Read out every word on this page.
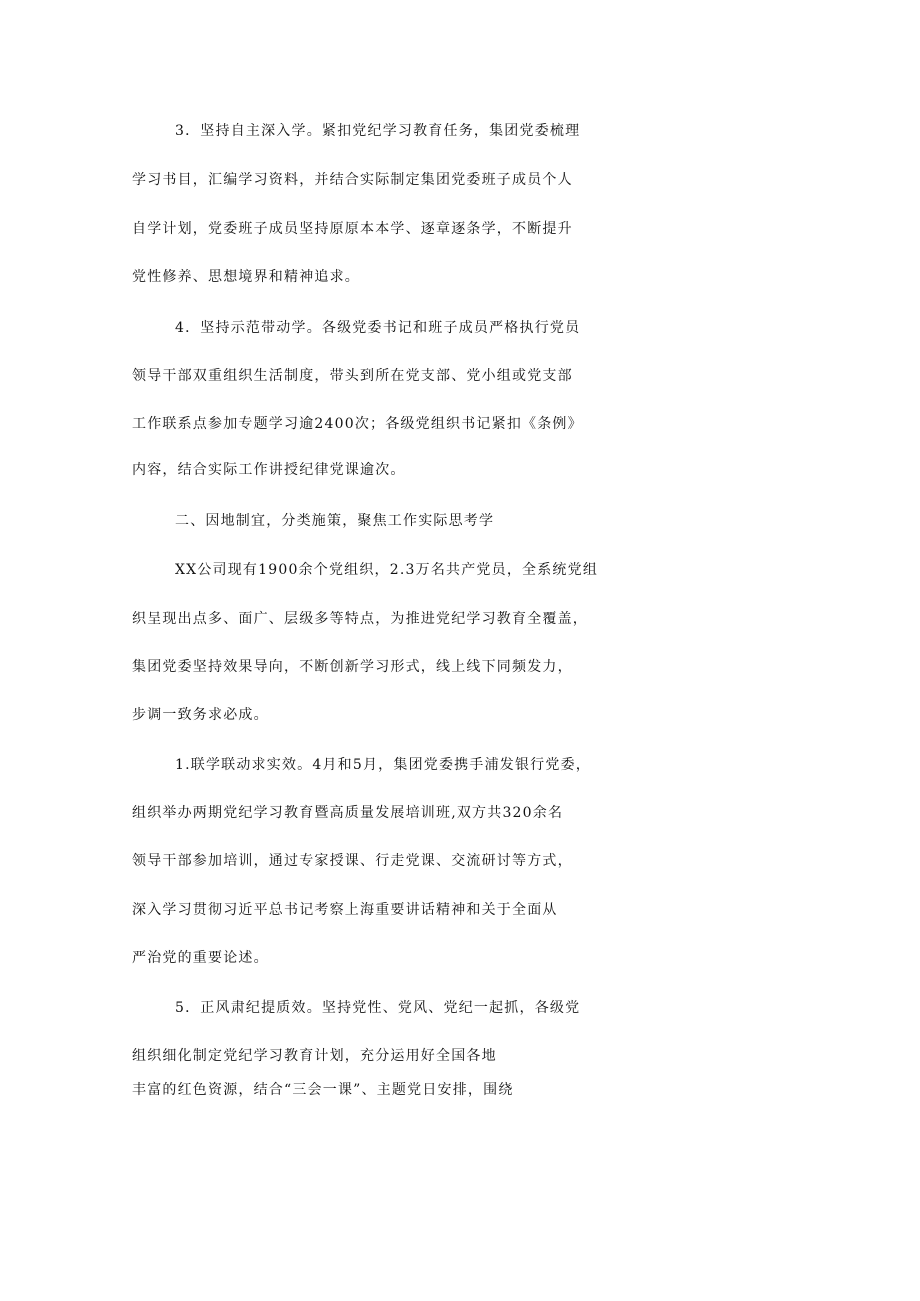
3．坚持自主深入学。紧扣党纪学习教育任务，集团党委梳理
学习书目，汇编学习资料，并结合实际制定集团党委班子成员个人
自学计划，党委班子成员坚持原原本本学、逐章逐条学，不断提升
党性修养、思想境界和精神追求。
4．坚持示范带动学。各级党委书记和班子成员严格执行党员
领导干部双重组织生活制度，带头到所在党支部、党小组或党支部
工作联系点参加专题学习逾2400次；各级党组织书记紧扣《条例》
内容，结合实际工作讲授纪律党课逾次。
二、因地制宜，分类施策，聚焦工作实际思考学
XX公司现有1900余个党组织，2.3万名共产党员，全系统党组
织呈现出点多、面广、层级多等特点，为推进党纪学习教育全覆盖，
集团党委坚持效果导向，不断创新学习形式，线上线下同频发力，
步调一致务求必成。
1.联学联动求实效。4月和5月，集团党委携手浦发银行党委，
组织举办两期党纪学习教育暨高质量发展培训班,双方共320余名
领导干部参加培训，通过专家授课、行走党课、交流研讨等方式，
深入学习贯彻习近平总书记考察上海重要讲话精神和关于全面从
严治党的重要论述。
5．正风肃纪提质效。坚持党性、党风、党纪一起抓，各级党
组织细化制定党纪学习教育计划，充分运用好全国各地
丰富的红色资源，结合“三会一课”、主题党日安排，围绕
